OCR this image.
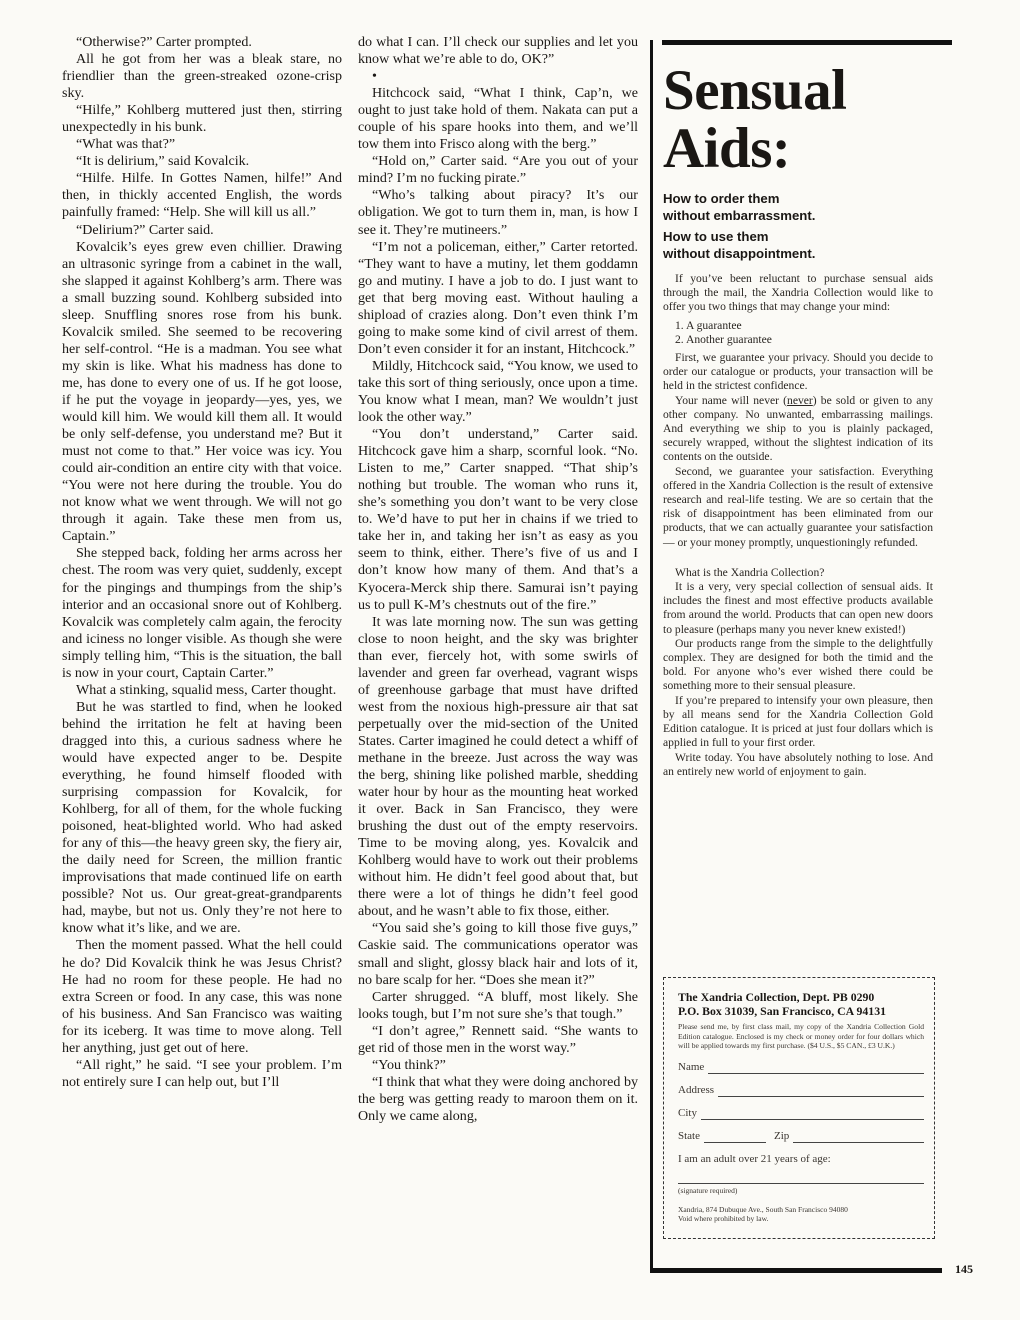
“Otherwise?” Carter prompted.

All he got from her was a bleak stare, no friendlier than the green-streaked ozone-crisp sky.

“Hilfe,” Kohlberg muttered just then, stirring unexpectedly in his bunk.

“What was that?”

“It is delirium,” said Kovalcik.

“Hilfe. Hilfe. In Gottes Namen, hilfe!” And then, in thickly accented English, the words painfully framed: “Help. She will kill us all.”

“Delirium?” Carter said.

Kovalcik’s eyes grew even chillier. Drawing an ultrasonic syringe from a cabinet in the wall, she slapped it against Kohlberg’s arm. There was a small buzzing sound. Kohlberg subsided into sleep. Snuffling snores rose from his bunk. Kovalcik smiled. She seemed to be recovering her self-control. “He is a madman. You see what my skin is like. What his madness has done to me, has done to every one of us. If he got loose, if he put the voyage in jeopardy—yes, yes, we would kill him. We would kill them all. It would be only self-defense, you understand me? But it must not come to that.” Her voice was icy. You could air-condition an entire city with that voice. “You were not here during the trouble. You do not know what we went through. We will not go through it again. Take these men from us, Captain.”

She stepped back, folding her arms across her chest. The room was very quiet, suddenly, except for the pingings and thumpings from the ship’s interior and an occasional snore out of Kohlberg. Kovalcik was completely calm again, the ferocity and iciness no longer visible. As though she were simply telling him, “This is the situation, the ball is now in your court, Captain Carter.”

What a stinking, squalid mess, Carter thought.

But he was startled to find, when he looked behind the irritation he felt at having been dragged into this, a curious sadness where he would have expected anger to be. Despite everything, he found himself flooded with surprising compassion for Kovalcik, for Kohlberg, for all of them, for the whole fucking poisoned, heat-blighted world. Who had asked for any of this—the heavy green sky, the fiery air, the daily need for Screen, the million frantic improvisations that made continued life on earth possible? Not us. Our great-great-grandparents had, maybe, but not us. Only they’re not here to know what it’s like, and we are.

Then the moment passed. What the hell could he do? Did Kovalcik think he was Jesus Christ? He had no room for these people. He had no extra Screen or food. In any case, this was none of his business. And San Francisco was waiting for its iceberg. It was time to move along. Tell her anything, just get out of here.

“All right,” he said. “I see your problem. I’m not entirely sure I can help out, but I’ll

do what I can. I’ll check our supplies and let you know what we’re able to do, OK?”

•

Hitchcock said, “What I think, Cap’n, we ought to just take hold of them. Nakata can put a couple of his spare hooks into them, and we’ll tow them into Frisco along with the berg.”

“Hold on,” Carter said. “Are you out of your mind? I’m no fucking pirate.”

“Who’s talking about piracy? It’s our obligation. We got to turn them in, man, is how I see it. They’re mutineers.”

“I’m not a policeman, either,” Carter retorted. “They want to have a mutiny, let them goddamn go and mutiny. I have a job to do. I just want to get that berg moving east. Without hauling a shipload of crazies along. Don’t even think I’m going to make some kind of civil arrest of them. Don’t even consider it for an instant, Hitchcock.”

Mildly, Hitchcock said, “You know, we used to take this sort of thing seriously, once upon a time. You know what I mean, man? We wouldn’t just look the other way.”

“You don’t understand,” Carter said. Hitchcock gave him a sharp, scornful look. “No. Listen to me,” Carter snapped. “That ship’s nothing but trouble. The woman who runs it, she’s something you don’t want to be very close to. We’d have to put her in chains if we tried to take her in, and taking her isn’t as easy as you seem to think, either. There’s five of us and I don’t know how many of them. And that’s a Kyocera-Merck ship there. Samurai isn’t paying us to pull K-M’s chestnuts out of the fire.”

It was late morning now. The sun was getting close to noon height, and the sky was brighter than ever, fiercely hot, with some swirls of lavender and green far overhead, vagrant wisps of greenhouse garbage that must have drifted west from the noxious high-pressure air that sat perpetually over the mid-section of the United States. Carter imagined he could detect a whiff of methane in the breeze. Just across the way was the berg, shining like polished marble, shedding water hour by hour as the mounting heat worked it over. Back in San Francisco, they were brushing the dust out of the empty reservoirs. Time to be moving along, yes. Kovalcik and Kohlberg would have to work out their problems without him. He didn’t feel good about that, but there were a lot of things he didn’t feel good about, and he wasn’t able to fix those, either.

“You said she’s going to kill those five guys,” Caskie said. The communications operator was small and slight, glossy black hair and lots of it, no bare scalp for her. “Does she mean it?”

Carter shrugged. “A bluff, most likely. She looks tough, but I’m not sure she’s that tough.”

“I don’t agree,” Rennett said. “She wants to get rid of those men in the worst way.”

“You think?”

“I think that what they were doing anchored by the berg was getting ready to maroon them on it. Only we came along,

Sensual
Aids:
How to order them
without embarrassment.
How to use them
without disappointment.

If you’ve been reluctant to purchase sensual aids through the mail, the Xandria Collection would like to offer you two things that may change your mind:

1. A guarantee

2. Another guarantee

First, we guarantee your privacy. Should you decide to order our catalogue or products, your transaction will be held in the strictest confidence.

Your name will never (never) be sold or given to any other company. No unwanted, embarrassing mailings. And everything we ship to you is plainly packaged, securely wrapped, without the slightest indication of its contents on the outside.

Second, we guarantee your satisfaction. Everything offered in the Xandria Collection is the result of extensive research and real-life testing. We are so certain that the risk of disappointment has been eliminated from our products, that we can actually guarantee your satisfaction — or your money promptly, unquestioningly refunded.

What is the Xandria Collection?

It is a very, very special collection of sensual aids. It includes the finest and most effective products available from around the world. Products that can open new doors to pleasure (perhaps many you never knew existed!)

Our products range from the simple to the delightfully complex. They are designed for both the timid and the bold. For anyone who’s ever wished there could be something more to their sensual pleasure.

If you’re prepared to intensify your own pleasure, then by all means send for the Xandria Collection Gold Edition catalogue. It is priced at just four dollars which is applied in full to your first order.

Write today. You have absolutely nothing to lose. And an entirely new world of enjoyment to gain.

The Xandria Collection, Dept. PB 0290

P.O. Box 31039, San Francisco, CA 94131

Please send me, by first class mail, my copy of the Xandria Collection Gold Edition catalogue. Enclosed is my check or money order for four dollars which will be applied towards my first purchase. ($4 U.S., $5 CAN., £3 U.K.)
Name
Address
City
State	Zip
I am an adult over 21 years of age:
(signature required)
Xandria, 874 Dubuque Ave., South San Francisco 94080
Void where prohibited by law.
145
